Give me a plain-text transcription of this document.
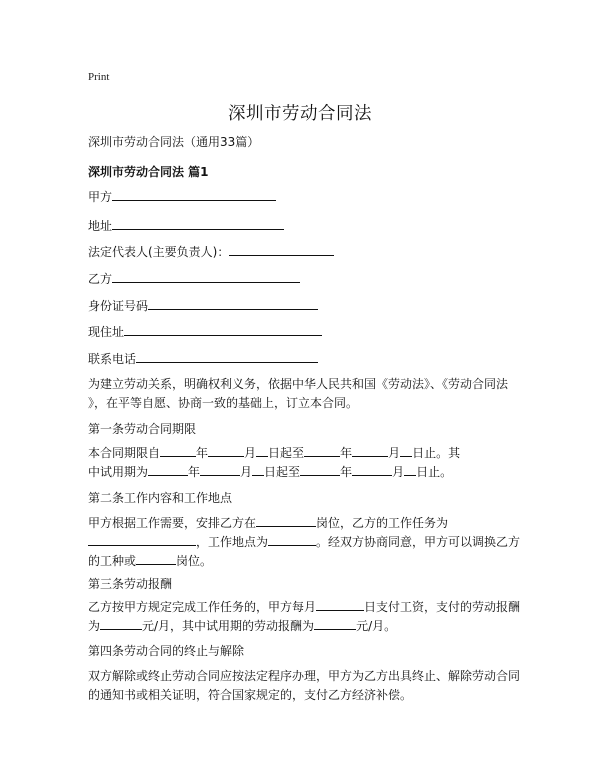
Print
深圳市劳动合同法
深圳市劳动合同法（通用33篇）
深圳市劳动合同法 篇1
甲方
地址
法定代表人(主要负责人)：
乙方
身份证号码
现住址
联系电话
为建立劳动关系，明确权利义务，依据中华人民共和国《劳动法》、《劳动合同法
》，在平等自愿、协商一致的基础上，订立本合同。
第一条劳动合同期限
本合同期限自	年	月 日起至	年	月 日止。其
中试用期为	年	月 日起至	年	月 日止。
第二条工作内容和工作地点
甲方根据工作需要，安排乙方在	岗位，乙方的工作任务为
，工作地点为	。经双方协商同意，甲方可以调换乙方
的工种或	岗位。
第三条劳动报酬
乙方按甲方规定完成工作任务的，甲方每月	日支付工资，支付的劳动报酬
为	元/月，其中试用期的劳动报酬为	元/月。
第四条劳动合同的终止与解除
双方解除或终止劳动合同应按法定程序办理，甲方为乙方出具终止、解除劳动合同
的通知书或相关证明，符合国家规定的，支付乙方经济补偿。
